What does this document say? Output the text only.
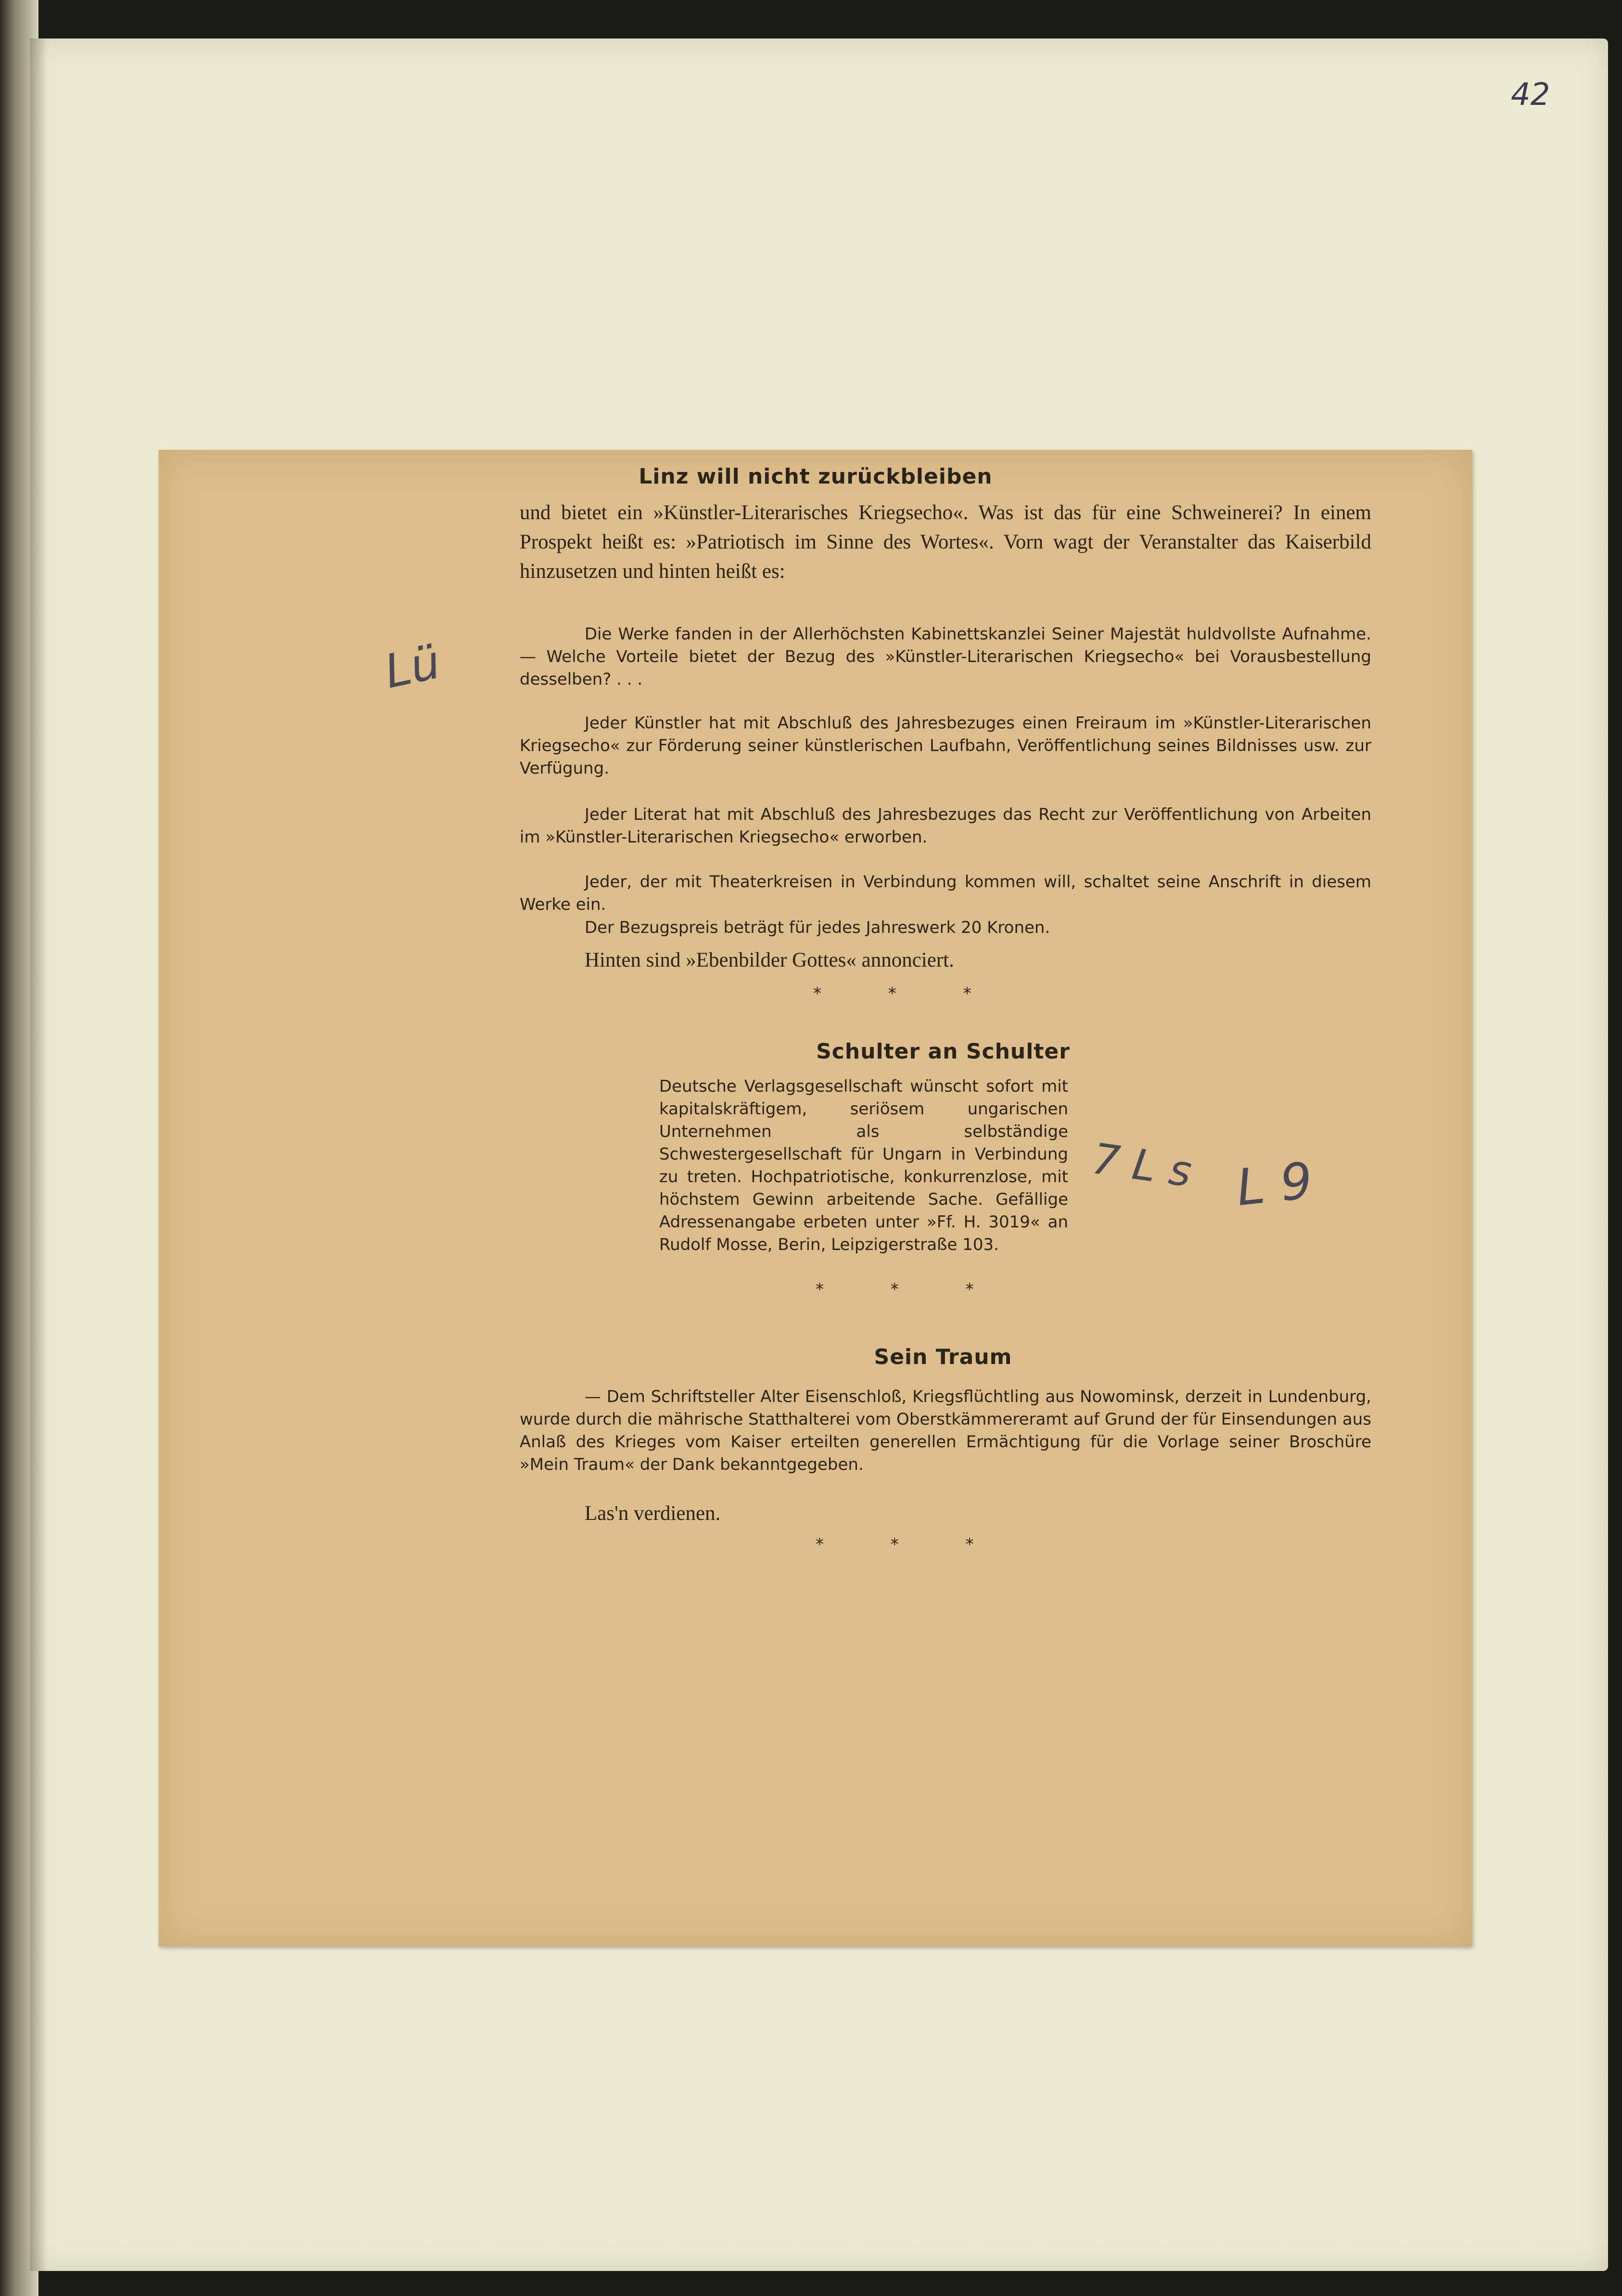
42
Linz will nicht zurückbleiben
und bietet ein »Künstler-Literarisches Kriegsecho«. Was ist das für eine Schweinerei? In einem Prospekt heißt es: »Patriotisch im Sinne des Wortes«. Vorn wagt der Veranstalter das Kaiserbild hinzusetzen und hinten heißt es:
Die Werke fanden in der Allerhöchsten Kabinettskanzlei Seiner Majestät huldvollste Aufnahme. — Welche Vorteile bietet der Bezug des »Künstler-Literarischen Kriegsecho« bei Vorausbestellung desselben? . . .
Jeder Künstler hat mit Abschluß des Jahresbezuges einen Freiraum im »Künstler-Literarischen Kriegsecho« zur Förderung seiner künstlerischen Laufbahn, Veröffentlichung seines Bildnisses usw. zur Verfügung.
Jeder Literat hat mit Abschluß des Jahresbezuges das Recht zur Veröffentlichung von Arbeiten im »Künstler-Literarischen Kriegsecho« erworben.
Jeder, der mit Theaterkreisen in Verbindung kommen will, schaltet seine Anschrift in diesem Werke ein.
Der Bezugspreis beträgt für jedes Jahreswerk 20 Kronen.
Hinten sind »Ebenbilder Gottes« annonciert.
* * *
Schulter an Schulter
Deutsche Verlagsgesellschaft wünscht sofort mit kapitalskräftigem, seriösem ungarischen Unternehmen als selbständige Schwestergesellschaft für Ungarn in Verbindung zu treten. Hochpatriotische, konkurrenzlose, mit höchstem Gewinn arbeitende Sache. Gefällige Adressenangabe erbeten unter »Ff. H. 3019« an Rudolf Mosse, Berin, Leipzigerstraße 103.
* * *
Sein Traum
— Dem Schriftsteller Alter Eisenschloß, Kriegsflüchtling aus Nowominsk, derzeit in Lundenburg, wurde durch die mährische Statthalterei vom Oberstkämmereramt auf Grund der für Einsendungen aus Anlaß des Krieges vom Kaiser erteilten generellen Ermächtigung für die Vorlage seiner Broschüre »Mein Traum« der Dank bekanntgegeben.
Las'n verdienen.
* * *
Lü
7 L s L 9
